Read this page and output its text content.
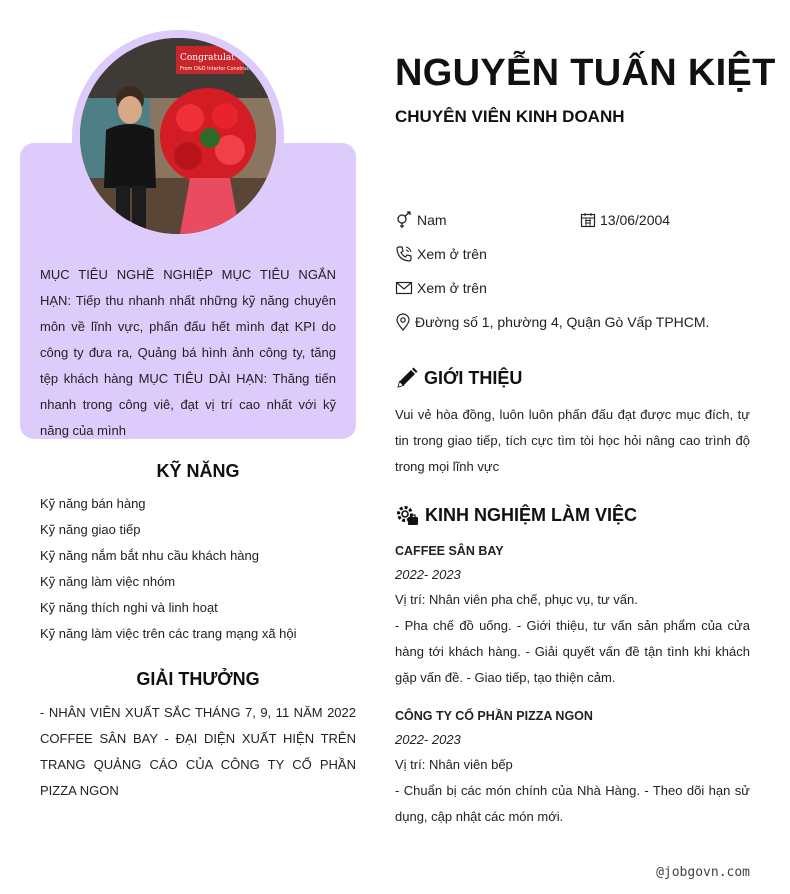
Congratulat
From D&D Interior Construction
MỤC TIÊU NGHỀ NGHIỆP MỤC TIÊU NGẮN HẠN: Tiếp thu nhanh nhất những kỹ năng chuyên môn về lĩnh vực, phấn đấu hết mình đạt KPI do công ty đưa ra, Quảng bá hình ảnh công ty, tăng tệp khách hàng MỤC TIÊU DÀI HẠN: Thăng tiến nhanh trong công viê, đạt vị trí cao nhất với kỹ năng của mình
KỸ NĂNG
Kỹ năng bán hàng
Kỹ năng giao tiếp
Kỹ năng nắm bắt nhu cầu khách hàng
Kỹ năng làm việc nhóm
Kỹ năng thích nghi và linh hoạt
Kỹ năng làm việc trên các trang mạng xã hội
GIẢI THƯỞNG
- NHÂN VIÊN XUẤT SẮC THÁNG 7, 9, 11 NĂM 2022 COFFEE SÂN BAY - ĐẠI DIỆN XUẤT HIỆN TRÊN TRANG QUẢNG CÁO CỦA CÔNG TY CỔ PHẦN PIZZA NGON
NGUYỄN TUẤN KIỆT
CHUYÊN VIÊN KINH DOANH
Nam	13/06/2004
Xem ở trên
Xem ở trên
Đường số 1, phường 4, Quận Gò Vấp TPHCM.
GIỚI THIỆU
Vui vẻ hòa đồng, luôn luôn phấn đấu đạt được mục đích, tự tin trong giao tiếp, tích cực tìm tòi học hỏi nâng cao trình độ trong mọi lĩnh vực
KINH NGHIỆM LÀM VIỆC
CAFFEE SÂN BAY
2022- 2023
Vị trí: Nhân viên pha chế, phục vụ, tư vấn.
- Pha chế đồ uống. - Giới thiệu, tư vấn sản phẩm của cửa hàng tới khách hàng. - Giải quyết vấn đề tận tình khi khách gặp vấn đề. - Giao tiếp, tạo thiện cảm.
CÔNG TY CỔ PHẦN PIZZA NGON
2022- 2023
Vị trí: Nhân viên bếp
- Chuẩn bị các món chính của Nhà Hàng. - Theo dõi hạn sử dụng, cập nhật các món mới.
@jobgovn.com
